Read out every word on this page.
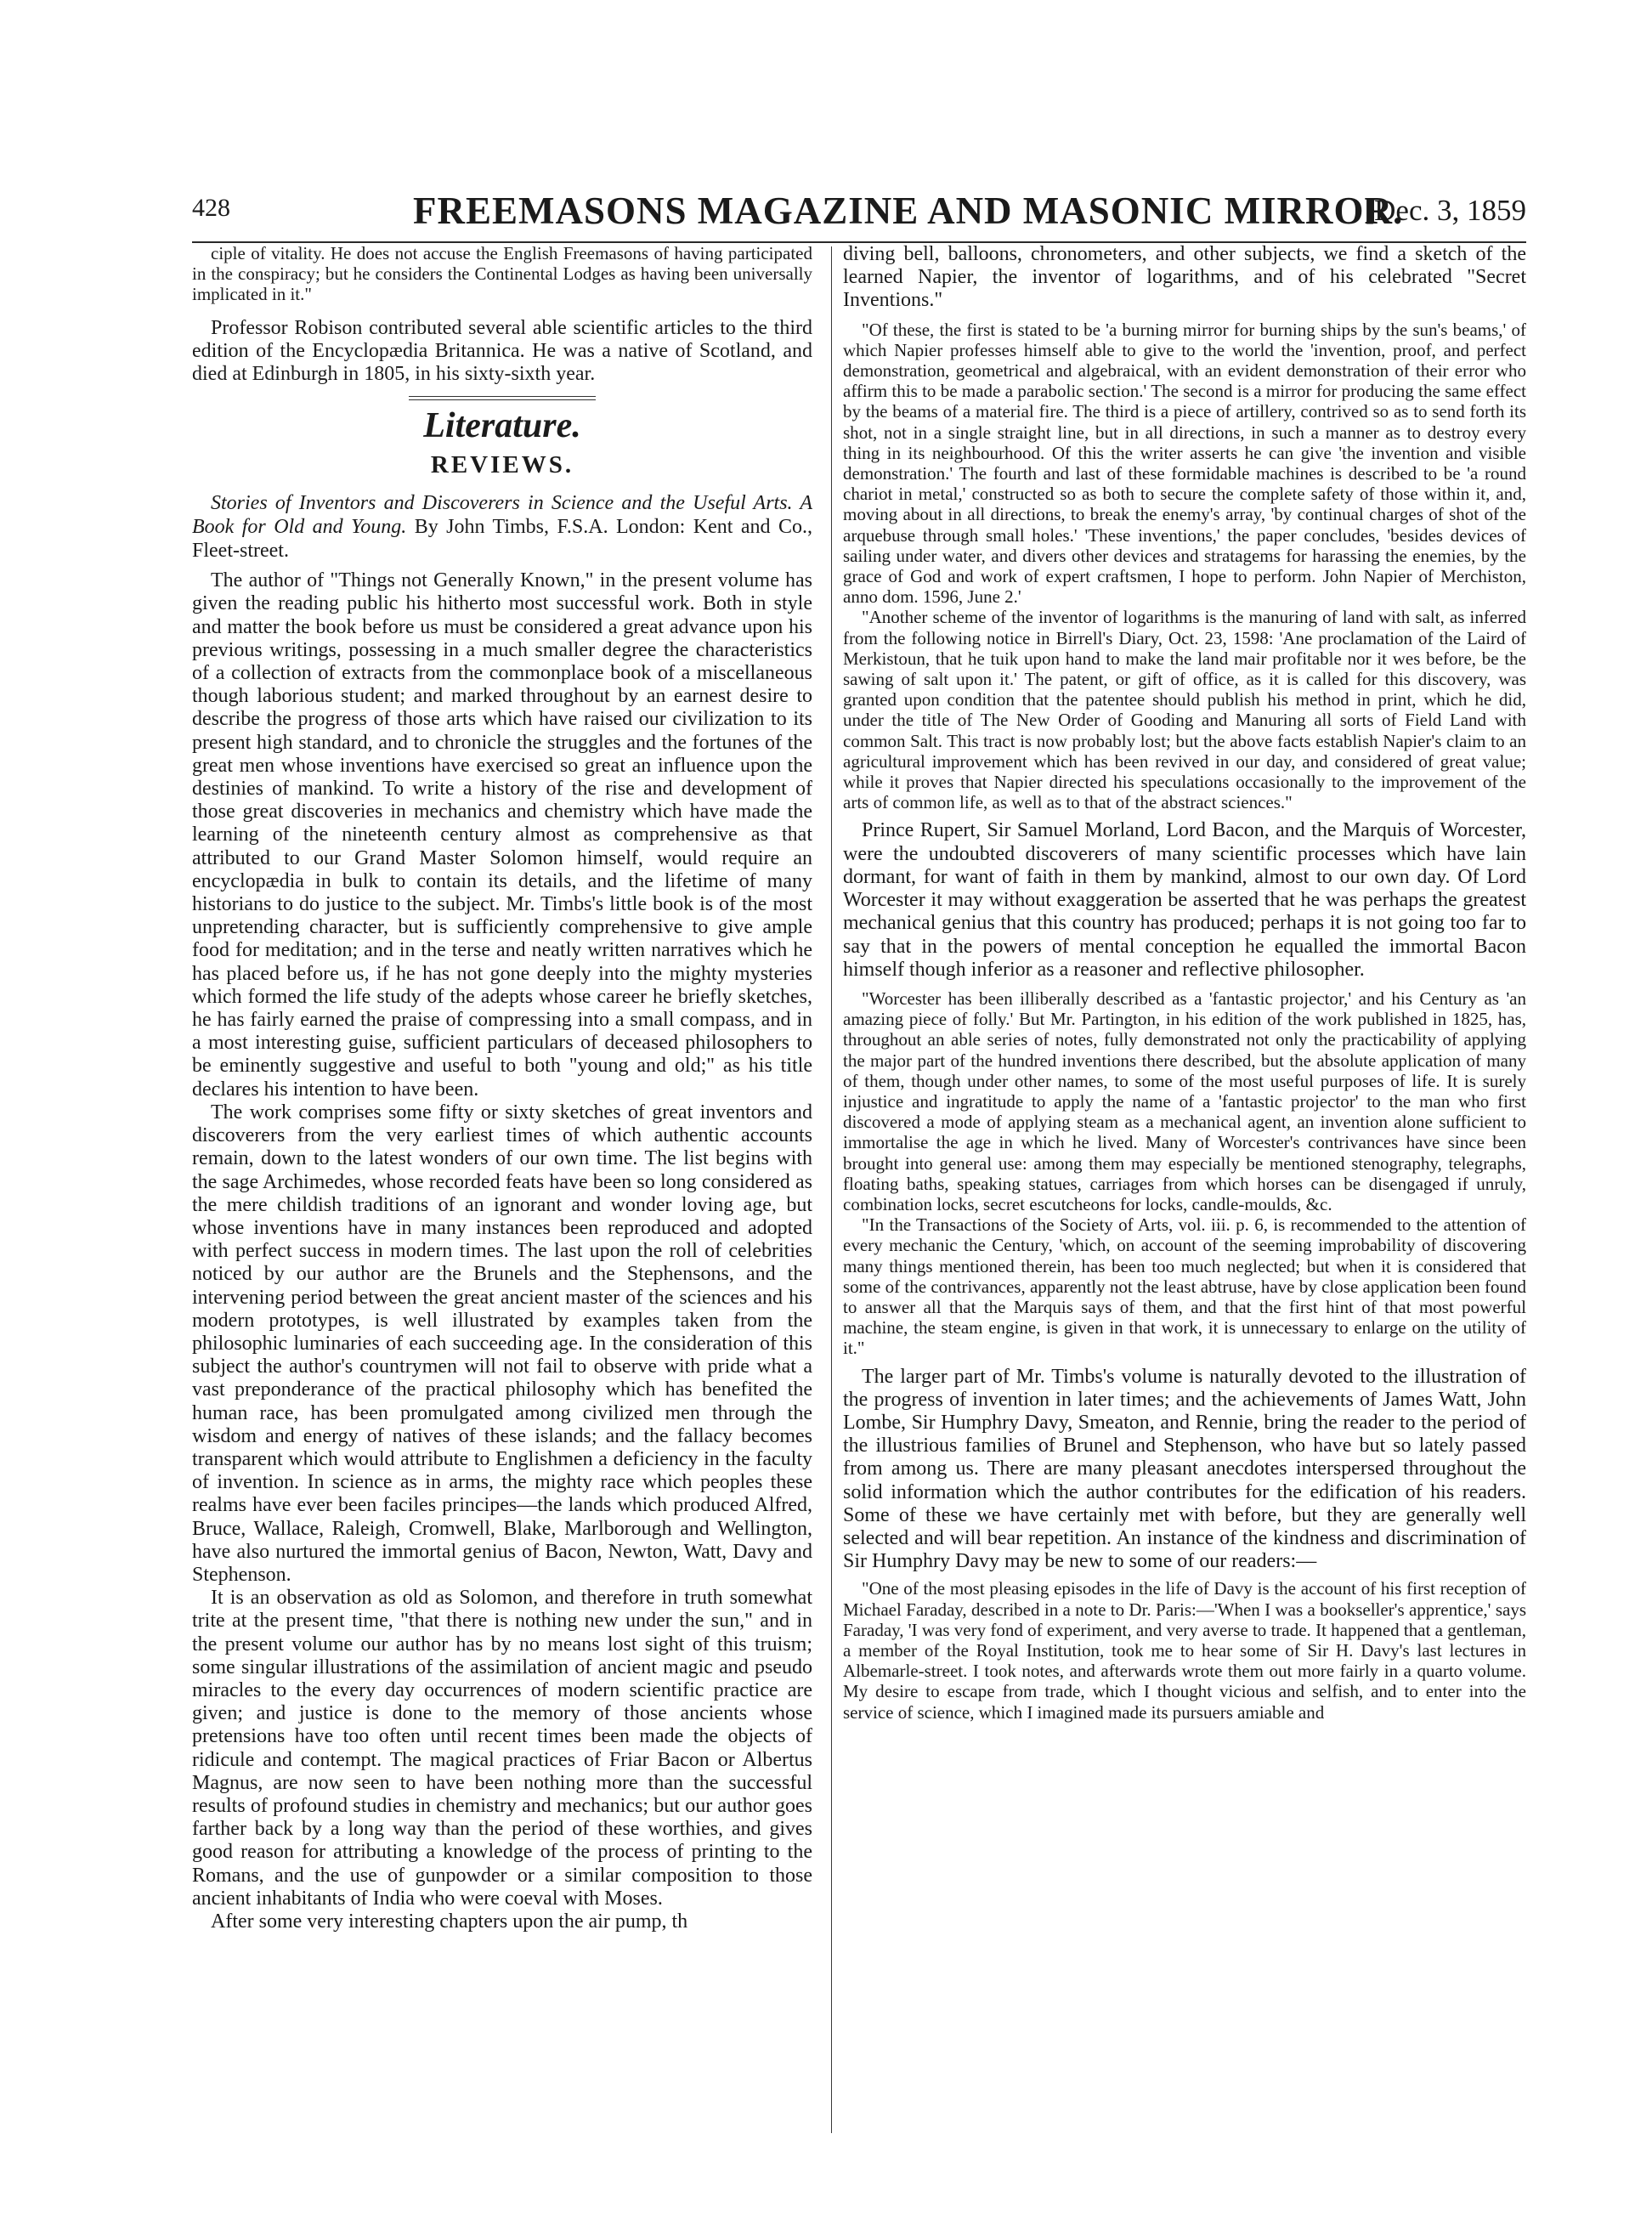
428	FREEMASONS MAGAZINE AND MASONIC MIRROR.
[Dec. 3, 1859

ciple of vitality. He does not accuse the English Freemasons of having participated in the conspiracy; but he considers the Continental Lodges as having been universally implicated in it."

Professor Robison contributed several able scientific articles to the third edition of the Encyclopædia Britannica. He was a native of Scotland, and died at Edinburgh in 1805, in his sixty-sixth year.

Literature.
REVIEWS.

Stories of Inventors and Discoverers in Science and the Useful Arts. A Book for Old and Young. By John Timbs, F.S.A. London: Kent and Co., Fleet-street.

The author of "Things not Generally Known," in the present volume has given the reading public his hitherto most successful work. Both in style and matter the book before us must be considered a great advance upon his previous writings, possessing in a much smaller degree the characteristics of a collection of extracts from the commonplace book of a miscellaneous though laborious student; and marked throughout by an earnest desire to describe the progress of those arts which have raised our civilization to its present high standard, and to chronicle the struggles and the fortunes of the great men whose inventions have exercised so great an influence upon the destinies of mankind. To write a history of the rise and development of those great discoveries in mechanics and chemistry which have made the learning of the nineteenth century almost as comprehensive as that attributed to our Grand Master Solomon himself, would require an encyclopædia in bulk to contain its details, and the lifetime of many historians to do justice to the subject. Mr. Timbs's little book is of the most unpretending character, but is sufficiently comprehensive to give ample food for meditation; and in the terse and neatly written narratives which he has placed before us, if he has not gone deeply into the mighty mysteries which formed the life study of the adepts whose career he briefly sketches, he has fairly earned the praise of compressing into a small compass, and in a most interesting guise, sufficient particulars of deceased philosophers to be eminently suggestive and useful to both "young and old;" as his title declares his intention to have been.

The work comprises some fifty or sixty sketches of great inventors and discoverers from the very earliest times of which authentic accounts remain, down to the latest wonders of our own time. The list begins with the sage Archimedes, whose recorded feats have been so long considered as the mere childish traditions of an ignorant and wonder loving age, but whose inventions have in many instances been reproduced and adopted with perfect success in modern times. The last upon the roll of celebrities noticed by our author are the Brunels and the Stephensons, and the intervening period between the great ancient master of the sciences and his modern prototypes, is well illustrated by examples taken from the philosophic luminaries of each succeeding age. In the consideration of this subject the author's countrymen will not fail to observe with pride what a vast preponderance of the practical philosophy which has benefited the human race, has been promulgated among civilized men through the wisdom and energy of natives of these islands; and the fallacy becomes transparent which would attribute to Englishmen a deficiency in the faculty of invention. In science as in arms, the mighty race which peoples these realms have ever been faciles principes—the lands which produced Alfred, Bruce, Wallace, Raleigh, Cromwell, Blake, Marlborough and Wellington, have also nurtured the immortal genius of Bacon, Newton, Watt, Davy and Stephenson.

It is an observation as old as Solomon, and therefore in truth somewhat trite at the present time, "that there is nothing new under the sun," and in the present volume our author has by no means lost sight of this truism; some singular illustrations of the assimilation of ancient magic and pseudo miracles to the every day occurrences of modern scientific practice are given; and justice is done to the memory of those ancients whose pretensions have too often until recent times been made the objects of ridicule and contempt. The magical practices of Friar Bacon or Albertus Magnus, are now seen to have been nothing more than the successful results of profound studies in chemistry and mechanics; but our author goes farther back by a long way than the period of these worthies, and gives good reason for attributing a knowledge of the process of printing to the Romans, and the use of gunpowder or a similar composition to those ancient inhabitants of India who were coeval with Moses.

After some very interesting chapters upon the air pump, th

diving bell, balloons, chronometers, and other subjects, we find a sketch of the learned Napier, the inventor of logarithms, and of his celebrated "Secret Inventions."

"Of these, the first is stated to be 'a burning mirror for burning ships by the sun's beams,' of which Napier professes himself able to give to the world the 'invention, proof, and perfect demonstration, geometrical and algebraical, with an evident demonstration of their error who affirm this to be made a parabolic section.' The second is a mirror for producing the same effect by the beams of a material fire. The third is a piece of artillery, contrived so as to send forth its shot, not in a single straight line, but in all directions, in such a manner as to destroy every thing in its neighbourhood. Of this the writer asserts he can give 'the invention and visible demonstration.' The fourth and last of these formidable machines is described to be 'a round chariot in metal,' constructed so as both to secure the complete safety of those within it, and, moving about in all directions, to break the enemy's array, 'by continual charges of shot of the arquebuse through small holes.' 'These inventions,' the paper concludes, 'besides devices of sailing under water, and divers other devices and stratagems for harassing the enemies, by the grace of God and work of expert craftsmen, I hope to perform. John Napier of Merchiston, anno dom. 1596, June 2.'

"Another scheme of the inventor of logarithms is the manuring of land with salt, as inferred from the following notice in Birrell's Diary, Oct. 23, 1598: 'Ane proclamation of the Laird of Merkistoun, that he tuik upon hand to make the land mair profitable nor it wes before, be the sawing of salt upon it.' The patent, or gift of office, as it is called for this discovery, was granted upon condition that the patentee should publish his method in print, which he did, under the title of The New Order of Gooding and Manuring all sorts of Field Land with common Salt. This tract is now probably lost; but the above facts establish Napier's claim to an agricultural improvement which has been revived in our day, and considered of great value; while it proves that Napier directed his speculations occasionally to the improvement of the arts of common life, as well as to that of the abstract sciences."

Prince Rupert, Sir Samuel Morland, Lord Bacon, and the Marquis of Worcester, were the undoubted discoverers of many scientific processes which have lain dormant, for want of faith in them by mankind, almost to our own day. Of Lord Worcester it may without exaggeration be asserted that he was perhaps the greatest mechanical genius that this country has produced; perhaps it is not going too far to say that in the powers of mental conception he equalled the immortal Bacon himself though inferior as a reasoner and reflective philosopher.

"Worcester has been illiberally described as a 'fantastic projector,' and his Century as 'an amazing piece of folly.' But Mr. Partington, in his edition of the work published in 1825, has, throughout an able series of notes, fully demonstrated not only the practicability of applying the major part of the hundred inventions there described, but the absolute application of many of them, though under other names, to some of the most useful purposes of life. It is surely injustice and ingratitude to apply the name of a 'fantastic projector' to the man who first discovered a mode of applying steam as a mechanical agent, an invention alone sufficient to immortalise the age in which he lived. Many of Worcester's contrivances have since been brought into general use: among them may especially be mentioned stenography, telegraphs, floating baths, speaking statues, carriages from which horses can be disengaged if unruly, combination locks, secret escutcheons for locks, candle-moulds, &c.

"In the Transactions of the Society of Arts, vol. iii. p. 6, is recommended to the attention of every mechanic the Century, 'which, on account of the seeming improbability of discovering many things mentioned therein, has been too much neglected; but when it is considered that some of the contrivances, apparently not the least abtruse, have by close application been found to answer all that the Marquis says of them, and that the first hint of that most powerful machine, the steam engine, is given in that work, it is unnecessary to enlarge on the utility of it."

The larger part of Mr. Timbs's volume is naturally devoted to the illustration of the progress of invention in later times; and the achievements of James Watt, John Lombe, Sir Humphry Davy, Smeaton, and Rennie, bring the reader to the period of the illustrious families of Brunel and Stephenson, who have but so lately passed from among us. There are many pleasant anecdotes interspersed throughout the solid information which the author contributes for the edification of his readers. Some of these we have certainly met with before, but they are generally well selected and will bear repetition. An instance of the kindness and discrimination of Sir Humphry Davy may be new to some of our readers:—

"One of the most pleasing episodes in the life of Davy is the account of his first reception of Michael Faraday, described in a note to Dr. Paris:—'When I was a bookseller's apprentice,' says Faraday, 'I was very fond of experiment, and very averse to trade. It happened that a gentleman, a member of the Royal Institution, took me to hear some of Sir H. Davy's last lectures in Albemarle-street. I took notes, and afterwards wrote them out more fairly in a quarto volume. My desire to escape from trade, which I thought vicious and selfish, and to enter into the service of science, which I imagined made its pursuers amiable and
